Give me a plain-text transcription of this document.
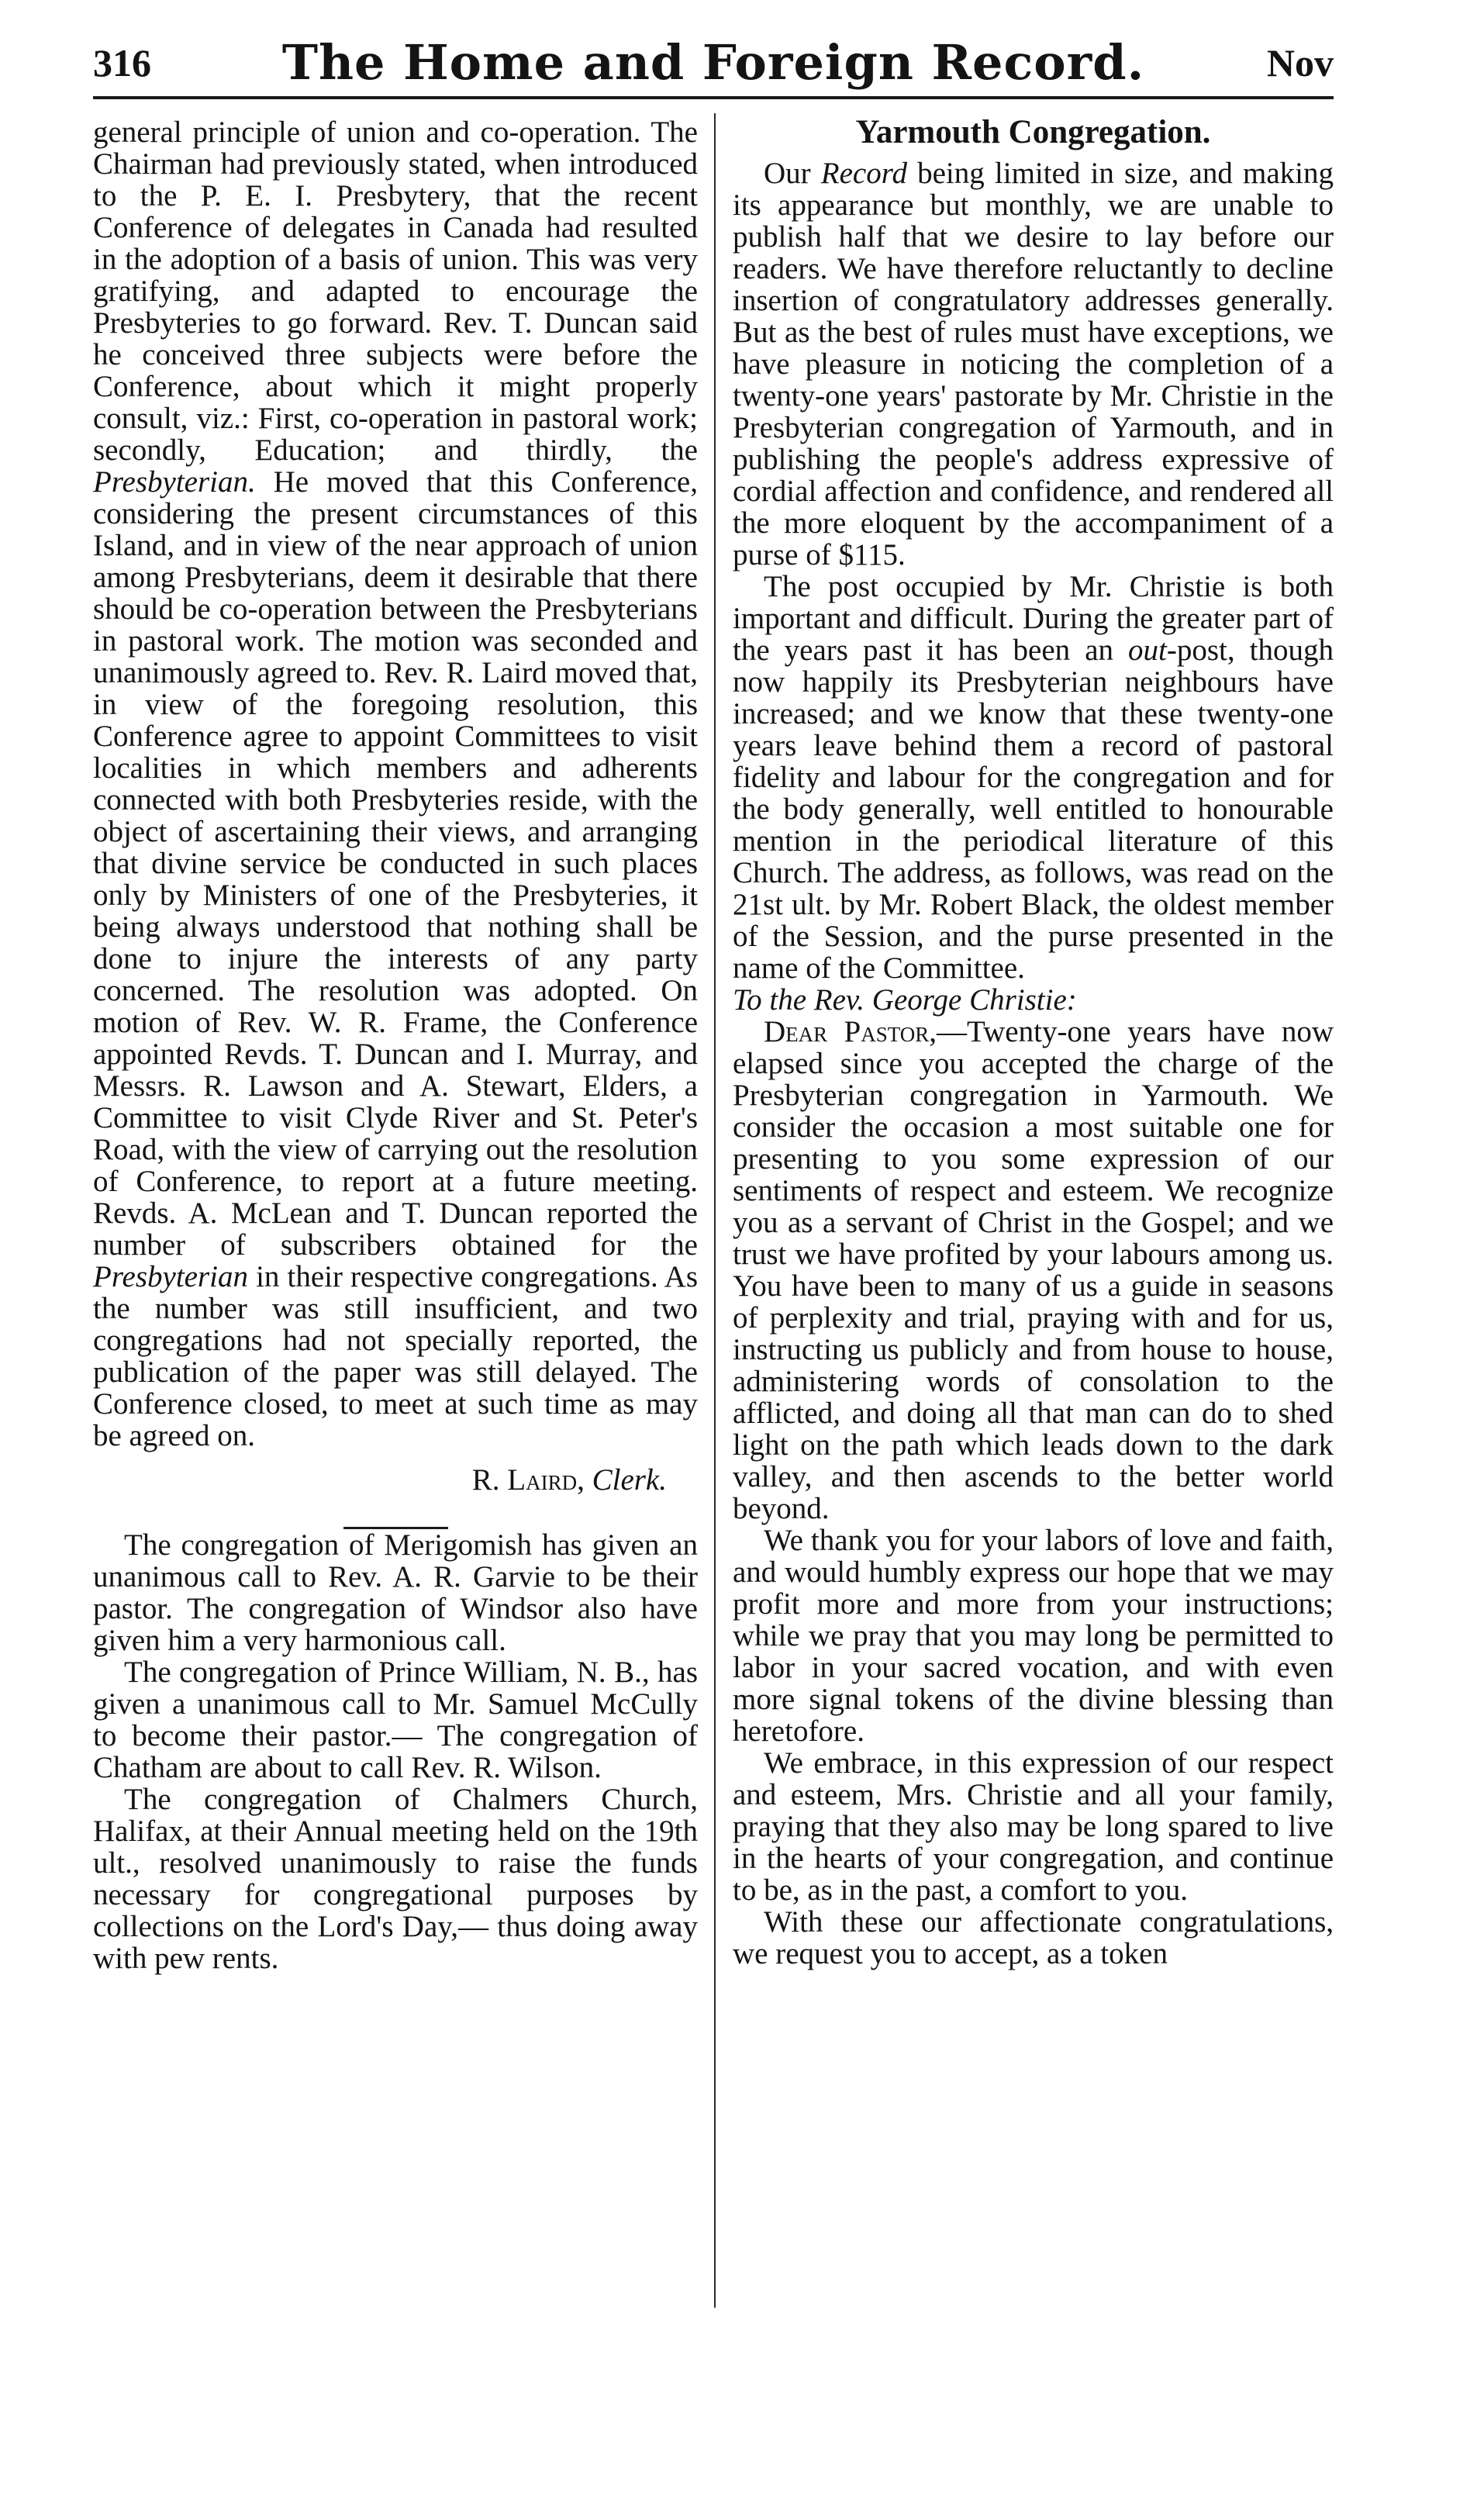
316	The Home and Foreign Record.	Nov

general principle of union and co-operation. The Chairman had previously stated, when introduced to the P. E. I. Presbytery, that the recent Conference of delegates in Canada had resulted in the adoption of a basis of union. This was very gratifying, and adapted to encourage the Presbyteries to go forward. Rev. T. Duncan said he conceived three subjects were before the Conference, about which it might properly consult, viz.: First, co-operation in pastoral work; secondly, Education; and thirdly, the Presbyterian. He moved that this Conference, considering the present circumstances of this Island, and in view of the near approach of union among Presbyterians, deem it desirable that there should be co-operation between the Presbyterians in pastoral work. The motion was seconded and unanimously agreed to. Rev. R. Laird moved that, in view of the foregoing resolution, this Conference agree to appoint Committees to visit localities in which members and adherents connected with both Presbyteries reside, with the object of ascertaining their views, and arranging that divine service be conducted in such places only by Ministers of one of the Presbyteries, it being always understood that nothing shall be done to injure the interests of any party concerned. The resolution was adopted. On motion of Rev. W. R. Frame, the Conference appointed Revds. T. Duncan and I. Murray, and Messrs. R. Lawson and A. Stewart, Elders, a Committee to visit Clyde River and St. Peter's Road, with the view of carrying out the resolution of Conference, to report at a future meeting. Revds. A. McLean and T. Duncan reported the number of subscribers obtained for the Presbyterian in their respective congregations. As the number was still insufficient, and two congregations had not specially reported, the publication of the paper was still delayed. The Conference closed, to meet at such time as may be agreed on.

R. Laird, Clerk.

The congregation of Merigomish has given an unanimous call to Rev. A. R. Garvie to be their pastor. The congregation of Windsor also have given him a very harmonious call.

The congregation of Prince William, N. B., has given a unanimous call to Mr. Samuel McCully to become their pastor.— The congregation of Chatham are about to call Rev. R. Wilson.

The congregation of Chalmers Church, Halifax, at their Annual meeting held on the 19th ult., resolved unanimously to raise the funds necessary for congregational purposes by collections on the Lord's Day,— thus doing away with pew rents.

Yarmouth Congregation.

Our Record being limited in size, and making its appearance but monthly, we are unable to publish half that we desire to lay before our readers. We have therefore reluctantly to decline insertion of congratulatory addresses generally. But as the best of rules must have exceptions, we have pleasure in noticing the completion of a twenty-one years' pastorate by Mr. Christie in the Presbyterian congregation of Yarmouth, and in publishing the people's address expressive of cordial affection and confidence, and rendered all the more eloquent by the accompaniment of a purse of $115.

The post occupied by Mr. Christie is both important and difficult. During the greater part of the years past it has been an out-post, though now happily its Presbyterian neighbours have increased; and we know that these twenty-one years leave behind them a record of pastoral fidelity and labour for the congregation and for the body generally, well entitled to honourable mention in the periodical literature of this Church. The address, as follows, was read on the 21st ult. by Mr. Robert Black, the oldest member of the Session, and the purse presented in the name of the Committee.

To the Rev. George Christie:

Dear Pastor,—Twenty-one years have now elapsed since you accepted the charge of the Presbyterian congregation in Yarmouth. We consider the occasion a most suitable one for presenting to you some expression of our sentiments of respect and esteem. We recognize you as a servant of Christ in the Gospel; and we trust we have profited by your labours among us. You have been to many of us a guide in seasons of perplexity and trial, praying with and for us, instructing us publicly and from house to house, administering words of consolation to the afflicted, and doing all that man can do to shed light on the path which leads down to the dark valley, and then ascends to the better world beyond.

We thank you for your labors of love and faith, and would humbly express our hope that we may profit more and more from your instructions; while we pray that you may long be permitted to labor in your sacred vocation, and with even more signal tokens of the divine blessing than heretofore.

We embrace, in this expression of our respect and esteem, Mrs. Christie and all your family, praying that they also may be long spared to live in the hearts of your congregation, and continue to be, as in the past, a comfort to you.

With these our affectionate congratulations, we request you to accept, as a token
